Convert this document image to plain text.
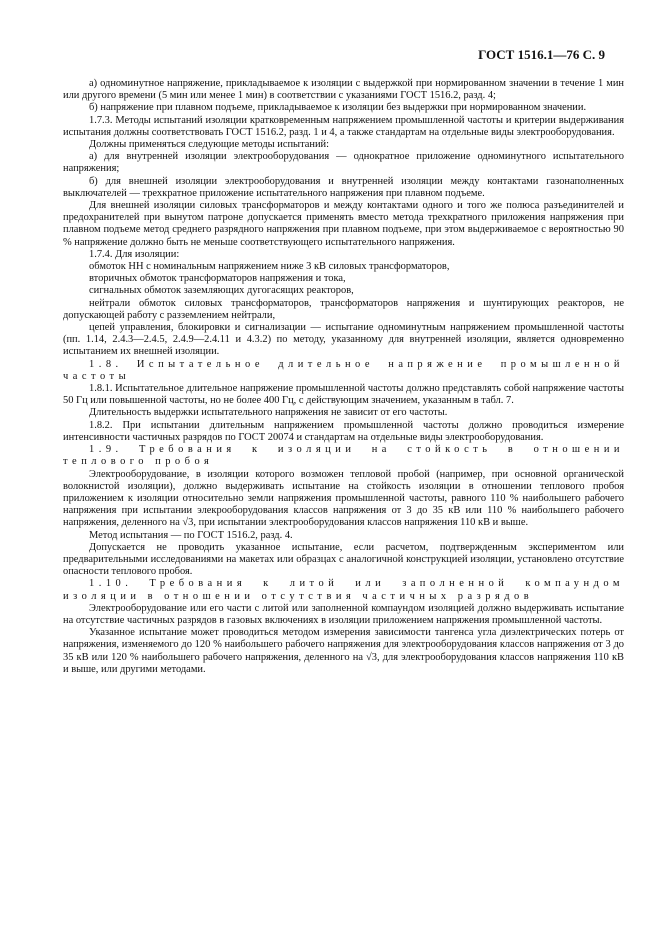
ГОСТ 1516.1—76 С. 9

а) одноминутное напряжение, прикладываемое к изоляции с выдержкой при нормированном значении в течение 1 мин или другого времени (5 мин или менее 1 мин) в соответствии с указаниями ГОСТ 1516.2, разд. 4;

б) напряжение при плавном подъеме, прикладываемое к изоляции без выдержки при нормированном значении.

1.7.3. Методы испытаний изоляции кратковременным напряжением промышленной частоты и критерии выдерживания испытания должны соответствовать ГОСТ 1516.2, разд. 1 и 4, а также стандартам на отдельные виды электрооборудования.

Должны применяться следующие методы испытаний:

а) для внутренней изоляции электрооборудования — однократное приложение одноминутного испытательного напряжения;

б) для внешней изоляции электрооборудования и внутренней изоляции между контактами газонаполненных выключателей — трехкратное приложение испытательного напряжения при плавном подъеме.

Для внешней изоляции силовых трансформаторов и между контактами одного и того же полюса разъединителей и предохранителей при вынутом патроне допускается применять вместо метода трехкратного приложения напряжения при плавном подъеме метод среднего разрядного напряжения при плавном подъеме, при этом выдерживаемое с вероятностью 90 % напряжение должно быть не меньше соответствующего испытательного напряжения.

1.7.4. Для изоляции:

обмоток НН с номинальным напряжением ниже 3 кВ силовых трансформаторов,

вторичных обмоток трансформаторов напряжения и тока,

сигнальных обмоток заземляющих дугогасящих реакторов,

нейтрали обмоток силовых трансформаторов, трансформаторов напряжения и шунтирующих реакторов, не допускающей работу с разземлением нейтрали,

цепей управления, блокировки и сигнализации — испытание одноминутным напряжением промышленной частоты (пп. 1.14, 2.4.3—2.4.5, 2.4.9—2.4.11 и 4.3.2) по методу, указанному для внутренней изоляции, является одновременно испытанием их внешней изоляции.

1.8. Испытательное длительное напряжение промышленной частоты

1.8.1. Испытательное длительное напряжение промышленной частоты должно представлять собой напряжение частоты 50 Гц или повышенной частоты, но не более 400 Гц, с действующим значением, указанным в табл. 7.

Длительность выдержки испытательного напряжения не зависит от его частоты.

1.8.2. При испытании длительным напряжением промышленной частоты должно проводиться измерение интенсивности частичных разрядов по ГОСТ 20074 и стандартам на отдельные виды электрооборудования.

1.9. Требования к изоляции на стойкость в отношении теплового пробоя

Электрооборудование, в изоляции которого возможен тепловой пробой (например, при основной органической волокнистой изоляции), должно выдерживать испытание на стойкость изоляции в отношении теплового пробоя приложением к изоляции относительно земли напряжения промышленной частоты, равного 110 % наибольшего рабочего напряжения при испытании элекрооборудования классов напряжения от 3 до 35 кВ или 110 % наибольшего рабочего напряжения, деленного на √3, при испытании электрооборудования классов напряжения 110 кВ и выше.

Метод испытания — по ГОСТ 1516.2, разд. 4.

Допускается не проводить указанное испытание, если расчетом, подтвержденным экспериментом или предварительными исследованиями на макетах или образцах с аналогичной конструкцией изоляции, установлено отсутствие опасности теплового пробоя.

1.10. Требования к литой или заполненной компаундом изоляции в отношении отсутствия частичных разрядов

Электрооборудование или его части с литой или заполненной компаундом изоляцией должно выдерживать испытание на отсутствие частичных разрядов в газовых включениях в изоляции приложением напряжения промышленной частоты.

Указанное испытание может проводиться методом измерения зависимости тангенса угла диэлектрических потерь от напряжения, изменяемого до 120 % наибольшего рабочего напряжения для электрооборудования классов напряжения от 3 до 35 кВ или 120 % наибольшего рабочего напряжения, деленного на √3, для электрооборудования классов напряжения 110 кВ и выше, или другими методами.
